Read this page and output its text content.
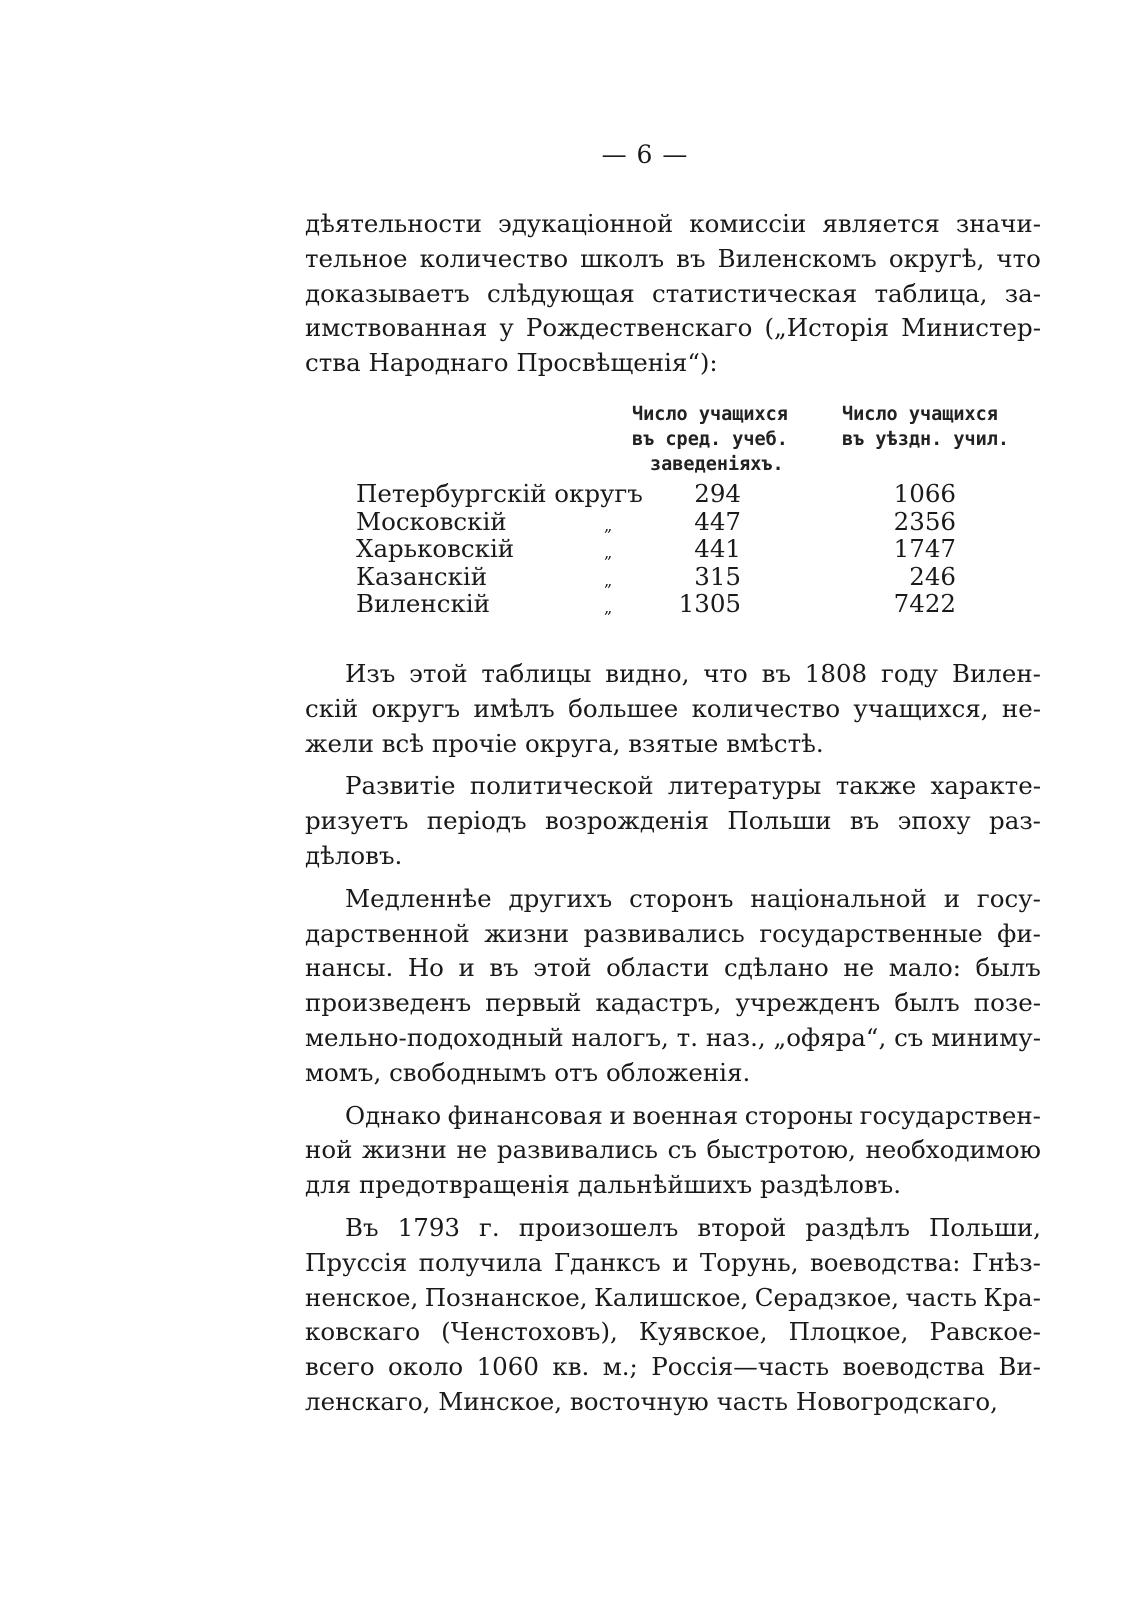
— 6 —
дѣятельности эдукаціонной комиссіи является значи-
тельное количество школъ въ Виленскомъ округѣ, что
доказываетъ слѣдующая статистическая таблица, за-
имствованная у Рождественскаго („Исторія Министер-
ства Народнаго Просвѣщенія“):
Число учащихся
въ сред. учеб.
заведеніяхъ.
Число учащихся
въ уѣздн. учил.
Петербургскій округъ 294	1066
Московскій	„	447	2356
Харьковскій	„	441	1747
Казанскій	„	315	246
Виленскій	„	1305	7422
Изъ этой таблицы видно, что въ 1808 году Вилен-
скій округъ имѣлъ большее количество учащихся, не-
жели всѣ прочіе округа, взятые вмѣстѣ.
Развитіе политической литературы также характе-
ризуетъ періодъ возрожденія Польши въ эпоху раз-
дѣловъ.
Медленнѣе другихъ сторонъ національной и госу-
дарственной жизни развивались государственные фи-
нансы. Но и въ этой области сдѣлано не мало: былъ
произведенъ первый кадастръ, учрежденъ былъ позе-
мельно-подоходный налогъ, т. наз., „офяра“, съ миниму-
момъ, свободнымъ отъ обложенія.
Однако финансовая и военная стороны государствен-
ной жизни не развивались съ быстротою, необходимою
для предотвращенія дальнѣйшихъ раздѣловъ.
Въ 1793 г. произошелъ второй раздѣлъ Польши,
Пруссія получила Гданксъ и Торунь, воеводства: Гнѣз-
ненское, Познанское, Калишское, Серадзкое, часть Кра-
ковскаго (Ченстоховъ), Куявское, Плоцкое, Равское-
всего около 1060 кв. м.; Россія—часть воеводства Ви-
ленскаго, Минское, восточную часть Новогродскаго,
